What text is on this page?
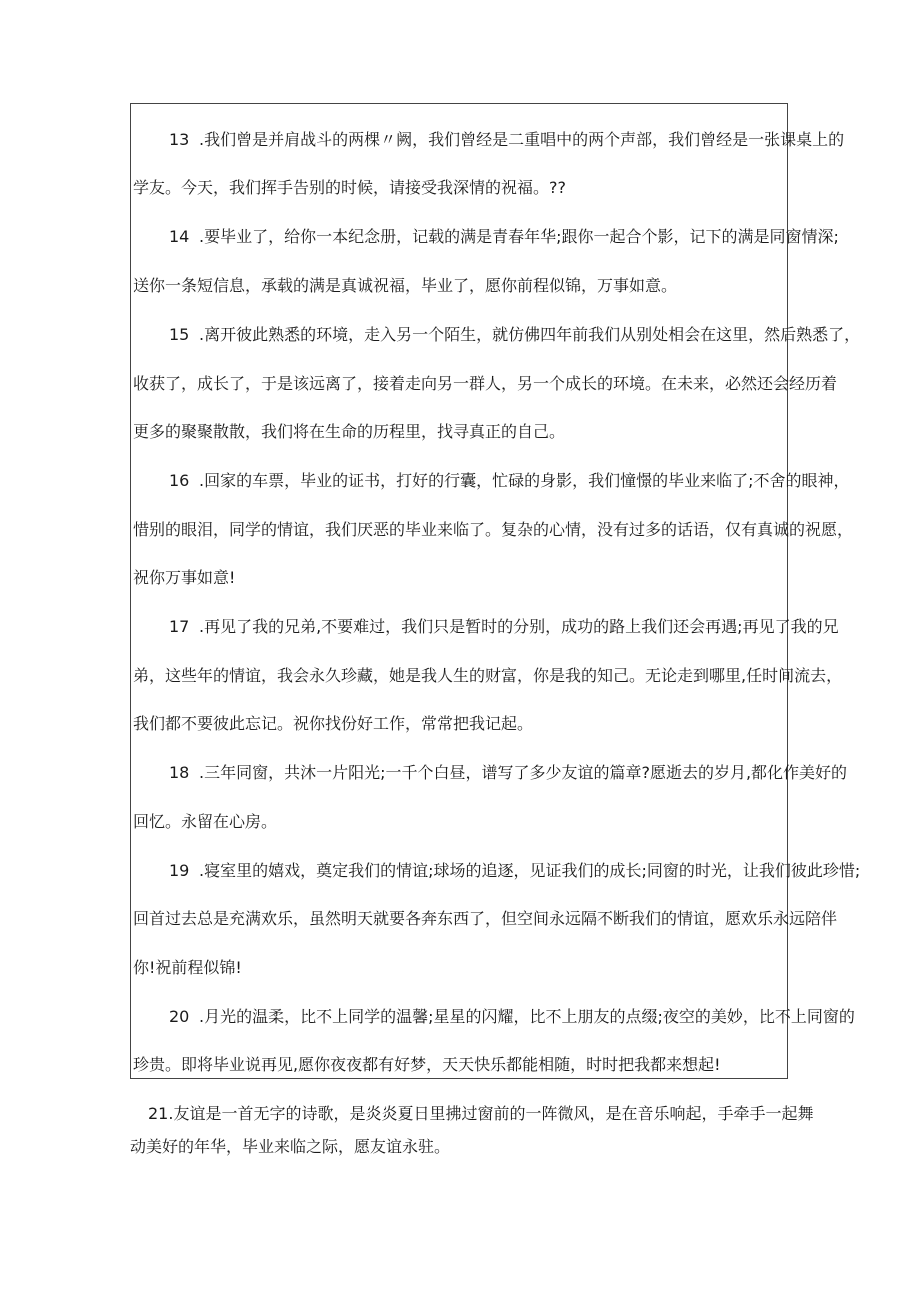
13 .我们曾是并肩战斗的两棵〃阙，我们曾经是二重唱中的两个声部，我们曾经是一张课桌上的
学友。今天，我们挥手告别的时候，请接受我深情的祝福。??
14 .要毕业了，给你一本纪念册，记载的满是青春年华;跟你一起合个影，记下的满是同窗情深;
送你一条短信息，承载的满是真诚祝福，毕业了，愿你前程似锦，万事如意。
15 .离开彼此熟悉的环境，走入另一个陌生，就仿佛四年前我们从别处相会在这里，然后熟悉了，
收获了，成长了，于是该远离了，接着走向另一群人，另一个成长的环境。在未来，必然还会经历着
更多的聚聚散散，我们将在生命的历程里，找寻真正的自己。
16 .回家的车票，毕业的证书，打好的行囊，忙碌的身影，我们憧憬的毕业来临了;不舍的眼神，
惜别的眼泪，同学的情谊，我们厌恶的毕业来临了。复杂的心情，没有过多的话语，仅有真诚的祝愿，
祝你万事如意!
17 .再见了我的兄弟,不要难过，我们只是暂时的分别，成功的路上我们还会再遇;再见了我的兄
弟，这些年的情谊，我会永久珍藏，她是我人生的财富，你是我的知己。无论走到哪里,任时间流去，
我们都不要彼此忘记。祝你找份好工作，常常把我记起。
18 .三年同窗，共沐一片阳光;一千个白昼，谱写了多少友谊的篇章?愿逝去的岁月,都化作美好的
回忆。永留在心房。
19 .寝室里的嬉戏，奠定我们的情谊;球场的追逐，见证我们的成长;同窗的时光，让我们彼此珍惜;
回首过去总是充满欢乐，虽然明天就要各奔东西了，但空间永远隔不断我们的情谊，愿欢乐永远陪伴
你!祝前程似锦!
20 .月光的温柔，比不上同学的温馨;星星的闪耀，比不上朋友的点缀;夜空的美妙，比不上同窗的
珍贵。即将毕业说再见,愿你夜夜都有好梦，天天快乐都能相随，时时把我都来想起!
21.友谊是一首无字的诗歌，是炎炎夏日里拂过窗前的一阵微风，是在音乐响起，手牵手一起舞
动美好的年华，毕业来临之际，愿友谊永驻。
